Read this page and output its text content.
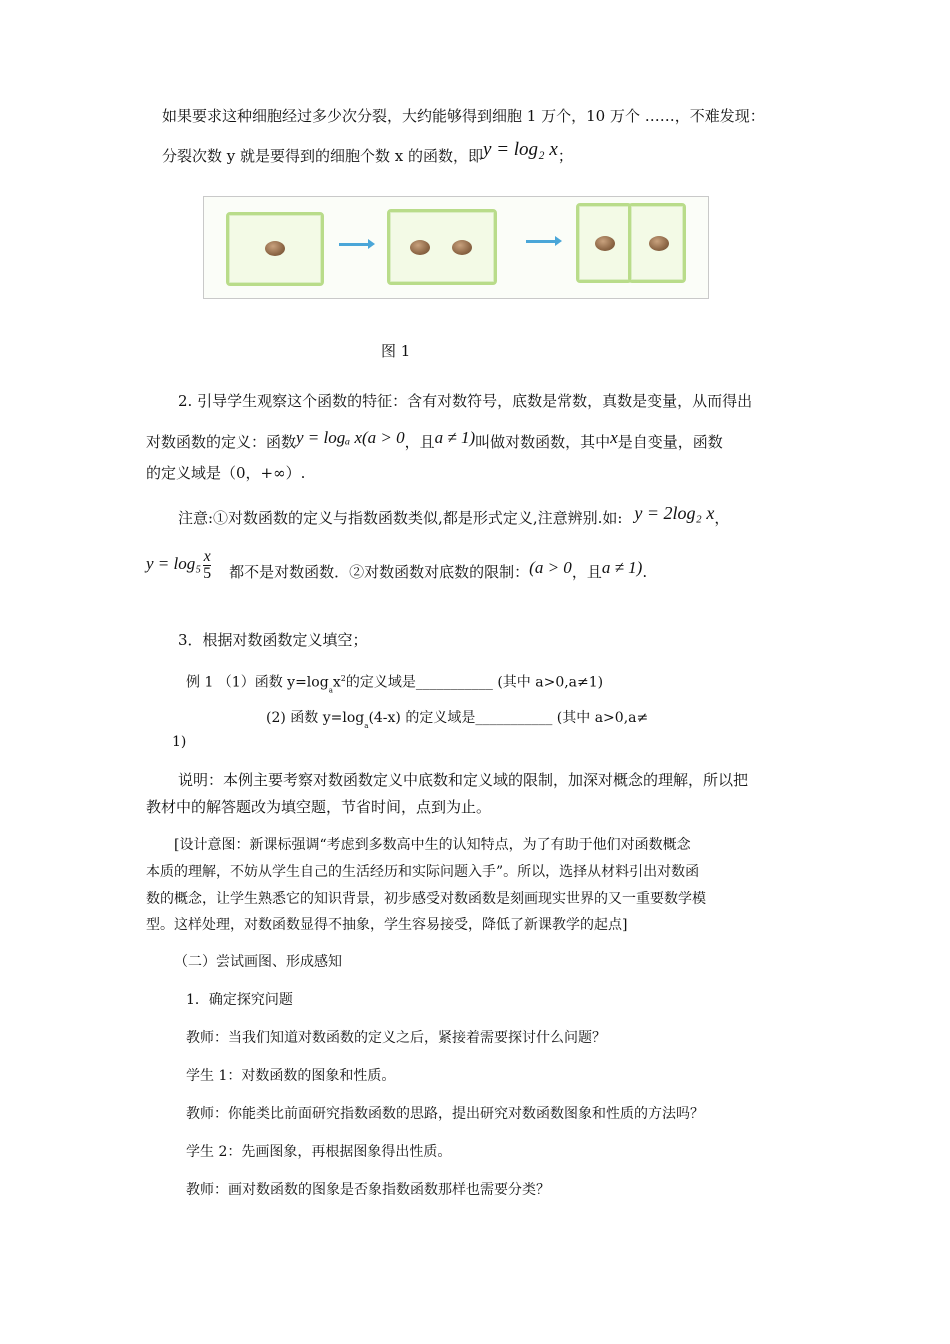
如果要求这种细胞经过多少次分裂，大约能够得到细胞 1 万个，10 万个 ……，不难发现：
分裂次数 y 就是要得到的细胞个数 x 的函数，即y = log₂ x；
图 1
2. 引导学生观察这个函数的特征：含有对数符号，底数是常数，真数是变量，从而得出
对数函数的定义：函数y = logₐ x(a > 0，且a ≠ 1)叫做对数函数，其中x是自变量，函数
的定义域是（0，+∞）.
注意:①对数函数的定义与指数函数类似,都是形式定义,注意辨别.如: y = 2log₂ x，
$y = \log_5 \frac{x}{5}$ 都不是对数函数．②对数函数对底数的限制：(a > 0，且a ≠ 1).
3．根据对数函数定义填空；
例 1 （1）函数 $y=\log_ax^2$的定义域是___________ (其中 a>0,a≠1)
(2) 函数 $y=\log_a(4-x)$ 的定义域是___________ (其中 a>0,a≠
1)
说明：本例主要考察对数函数定义中底数和定义域的限制，加深对概念的理解，所以把
教材中的解答题改为填空题，节省时间，点到为止。
[设计意图：新课标强调“考虑到多数高中生的认知特点，为了有助于他们对函数概念
本质的理解，不妨从学生自己的生活经历和实际问题入手”。所以，选择从材料引出对数函
数的概念，让学生熟悉它的知识背景，初步感受对数函数是刻画现实世界的又一重要数学模
型。这样处理，对数函数显得不抽象，学生容易接受，降低了新课教学的起点]
（二）尝试画图、形成感知
1．确定探究问题
教师：当我们知道对数函数的定义之后，紧接着需要探讨什么问题？
学生 1：对数函数的图象和性质。
教师：你能类比前面研究指数函数的思路，提出研究对数函数图象和性质的方法吗？
学生 2：先画图象，再根据图象得出性质。
教师：画对数函数的图象是否象指数函数那样也需要分类？
